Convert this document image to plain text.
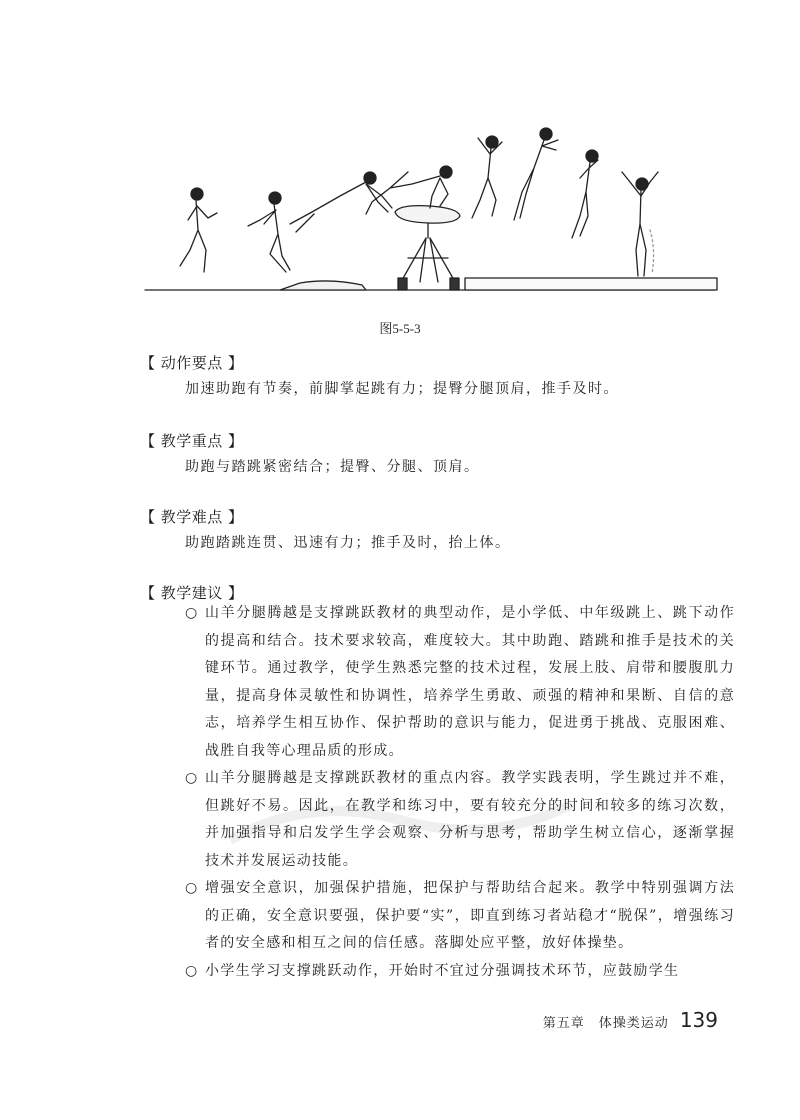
图5-5-3
【 动作要点 】
加速助跑有节奏，前脚掌起跳有力；提臀分腿顶肩，推手及时。
【 教学重点 】
助跑与踏跳紧密结合；提臀、分腿、顶肩。
【 教学难点 】
助跑踏跳连贯、迅速有力；推手及时，抬上体。
【 教学建议 】
○ 山羊分腿腾越是支撑跳跃教材的典型动作，是小学低、中年级跳上、跳下动作的提高和结合。技术要求较高，难度较大。其中助跑、踏跳和推手是技术的关键环节。通过教学，使学生熟悉完整的技术过程，发展上肢、肩带和腰腹肌力量，提高身体灵敏性和协调性，培养学生勇敢、顽强的精神和果断、自信的意志，培养学生相互协作、保护帮助的意识与能力，促进勇于挑战、克服困难、战胜自我等心理品质的形成。
○ 山羊分腿腾越是支撑跳跃教材的重点内容。教学实践表明，学生跳过并不难，但跳好不易。因此，在教学和练习中，要有较充分的时间和较多的练习次数，并加强指导和启发学生学会观察、分析与思考，帮助学生树立信心，逐渐掌握技术并发展运动技能。
○ 增强安全意识，加强保护措施，把保护与帮助结合起来。教学中特别强调方法的正确，安全意识要强，保护要“实”，即直到练习者站稳才“脱保”，增强练习者的安全感和相互之间的信任感。落脚处应平整，放好体操垫。
○ 小学生学习支撑跳跃动作，开始时不宜过分强调技术环节，应鼓励学生
第五章　体操类运动 139
